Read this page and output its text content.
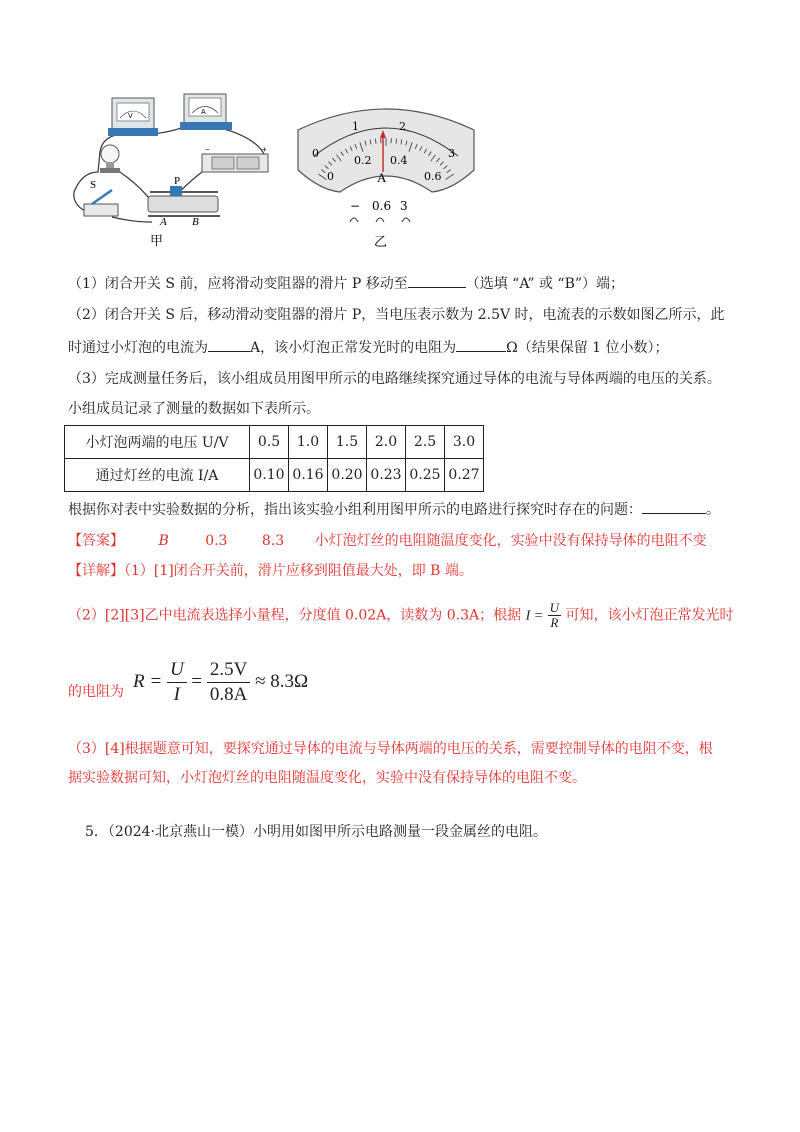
V
A
−	+
S	P
A B
甲
0
1	2
3
0
0.2 0.4
0.6
A
− 0.6 3
乙
（1）闭合开关 S 前，应将滑动变阻器的滑片 P 移动至	（选填 “A” 或 “B”）端；
（2）闭合开关 S 后，移动滑动变阻器的滑片 P，当电压表示数为 2.5V 时，电流表的示数如图乙所示，此
时通过小灯泡的电流为	A，该小灯泡正常发光时的电阻为	Ω（结果保留 1 位小数）；
（3）完成测量任务后，该小组成员用图甲所示的电路继续探究通过导体的电流与导体两端的电压的关系。
小组成员记录了测量的数据如下表所示。
小灯泡两端的电压 U/V	0.5	1.0	1.5	2.0	2.5	3.0
通过灯丝的电流 I/A	0.10	0.16	0.20	0.23	0.25	0.27
根据你对表中实验数据的分析，指出该实验小组利用图甲所示的电路进行探究时存在的问题：	。
【答案】 B	0.3 8.3 小灯泡灯丝的电阻随温度变化，实验中没有保持导体的电阻不变
【详解】（1）[1]闭合开关前，滑片应移到阻值最大处，即 B 端。
（2）[2][3]乙中电流表选择小量程，分度值 0.02A，读数为 0.3A；根据 $I = \frac{U}{R}$ 可知，该小灯泡正常发光时
的电阻为
$R = \frac{U}{I} = \frac{2.5V}{0.8A} \approx 8.3\Omega$
（3）[4]根据题意可知，要探究通过导体的电流与导体两端的电压的关系，需要控制导体的电阻不变，根
据实验数据可知，小灯泡灯丝的电阻随温度变化，实验中没有保持导体的电阻不变。
5．（2024·北京燕山一模）小明用如图甲所示电路测量一段金属丝的电阻。
